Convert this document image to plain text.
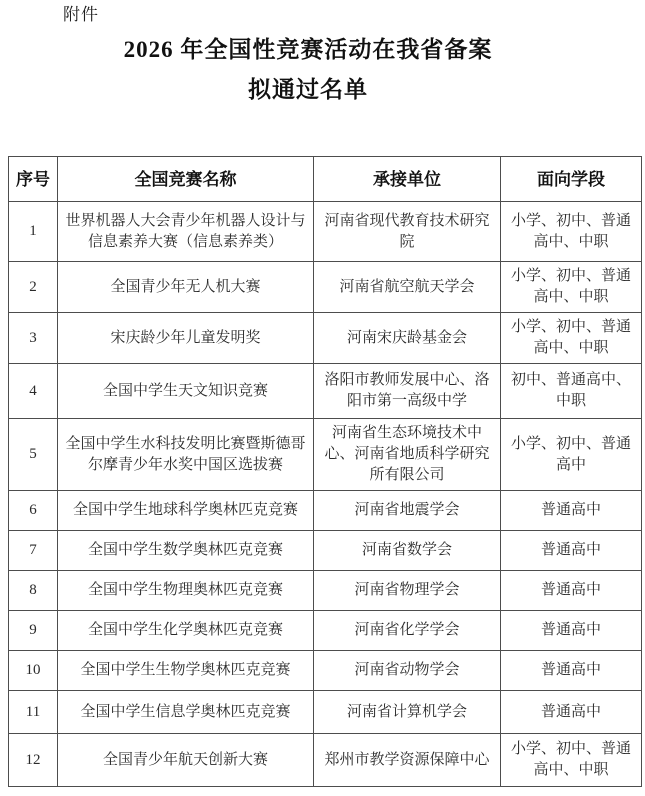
附件
2026 年全国性竞赛活动在我省备案
拟通过名单
序号	全国竞赛名称	承接单位	面向学段
1	世界机器人大会青少年机器人设计与信息素养大赛（信息素养类）	河南省现代教育技术研究院	小学、初中、普通高中、中职
2	全国青少年无人机大赛	河南省航空航天学会	小学、初中、普通高中、中职
3	宋庆龄少年儿童发明奖	河南宋庆龄基金会	小学、初中、普通高中、中职
4	全国中学生天文知识竞赛	洛阳市教师发展中心、洛阳市第一高级中学	初中、普通高中、中职
5	全国中学生水科技发明比赛暨斯德哥尔摩青少年水奖中国区选拔赛	河南省生态环境技术中心、河南省地质科学研究所有限公司	小学、初中、普通高中
6	全国中学生地球科学奥林匹克竞赛	河南省地震学会	普通高中
7	全国中学生数学奥林匹克竞赛	河南省数学会	普通高中
8	全国中学生物理奥林匹克竞赛	河南省物理学会	普通高中
9	全国中学生化学奥林匹克竞赛	河南省化学学会	普通高中
10	全国中学生生物学奥林匹克竞赛	河南省动物学会	普通高中
11	全国中学生信息学奥林匹克竞赛	河南省计算机学会	普通高中
12	全国青少年航天创新大赛	郑州市教学资源保障中心	小学、初中、普通高中、中职
